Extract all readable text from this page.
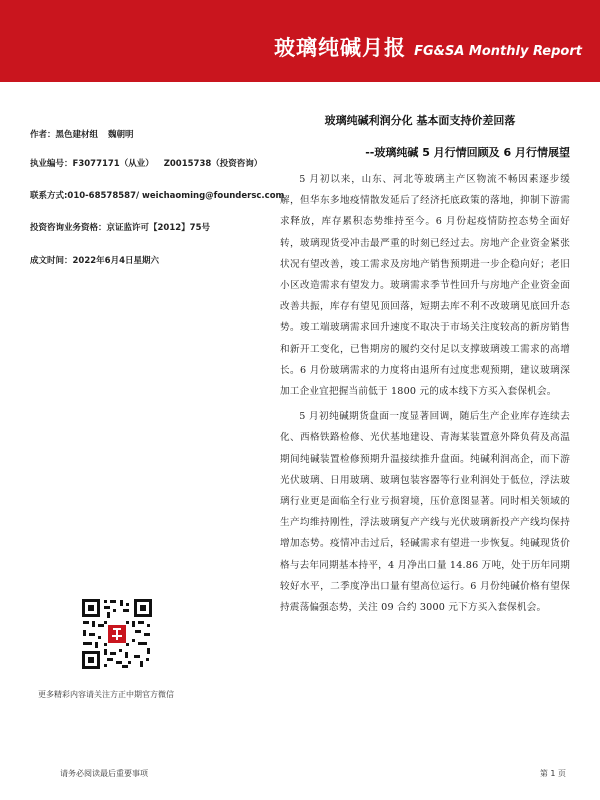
玻璃纯碱月报 FG&SA Monthly Report
作者：黑色建材组 魏朝明
执业编号：F3077171（从业） Z0015738（投资咨询）
联系方式:010-68578587/ weichaoming@foundersc.com
投资咨询业务资格：京证监许可【2012】75号
成文时间：2022年6月4日星期六
更多精彩内容请关注方正中期官方微信
玻璃纯碱利润分化 基本面支持价差回落
--玻璃纯碱 5 月行情回顾及 6 月行情展望

5 月初以来，山东、河北等玻璃主产区物流不畅因素逐步缓解，但华东多地疫情散发延后了经济托底政策的落地，抑制下游需求释放，库存累积态势维持至今。6 月份起疫情防控态势全面好转，玻璃现货受冲击最严重的时刻已经过去。房地产企业资金紧张状况有望改善，竣工需求及房地产销售预期进一步企稳向好；老旧小区改造需求有望发力。玻璃需求季节性回升与房地产企业资金面改善共振，库存有望见顶回落，短期去库不利不改玻璃见底回升态势。竣工端玻璃需求回升速度不取决于市场关注度较高的新房销售和新开工变化，已售期房的履约交付足以支撑玻璃竣工需求的高增长。6 月份玻璃需求的力度将由退所有过度悲观预期，建议玻璃深加工企业宜把握当前低于 1800 元的成本线下方买入套保机会。

5 月初纯碱期货盘面一度显著回调，随后生产企业库存连续去化、西格铁路检修、光伏基地建设、青海某装置意外降负荷及高温期间纯碱装置检修预期升温接续推升盘面。纯碱利润高企，而下游光伏玻璃、日用玻璃、玻璃包装容器等行业利润处于低位，浮法玻璃行业更是面临全行业亏损窘境，压价意图显著。同时相关领域的生产均维持刚性，浮法玻璃复产产线与光伏玻璃新投产产线均保持增加态势。疫情冲击过后，轻碱需求有望进一步恢复。纯碱现货价格与去年同期基本持平，4 月净出口量 14.86 万吨，处于历年同期较好水平，二季度净出口量有望高位运行。6 月份纯碱价格有望保持震荡偏强态势，关注 09 合约 3000 元下方买入套保机会。

请务必阅读最后重要事项	第 1 页
